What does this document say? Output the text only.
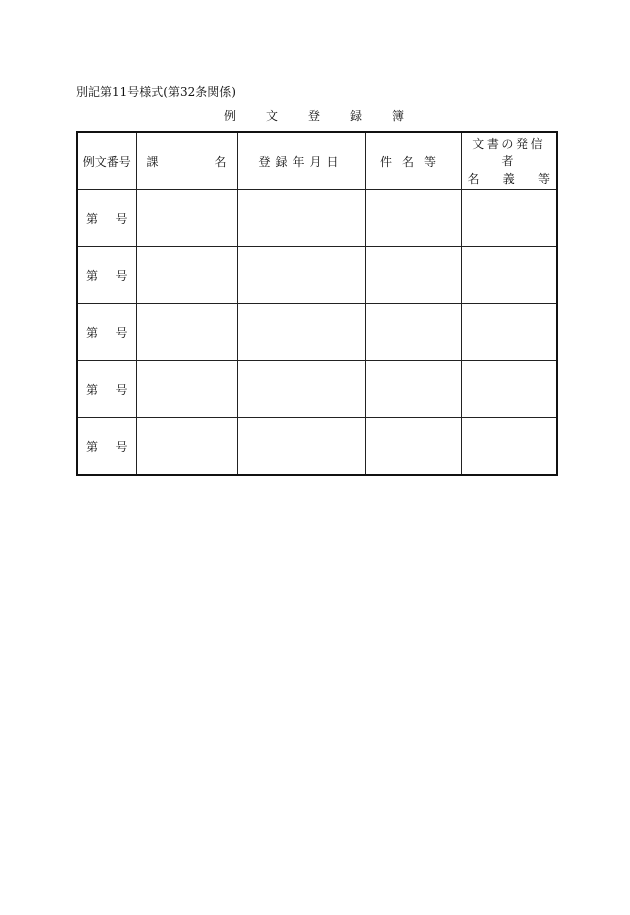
別記第11号様式(第32条関係)
例 文 登 録 簿
例文番号	課 名	登録年月日	件名等	文書の発信者
名 義 等

第 号				

第 号				

第 号				

第 号				

第 号				
